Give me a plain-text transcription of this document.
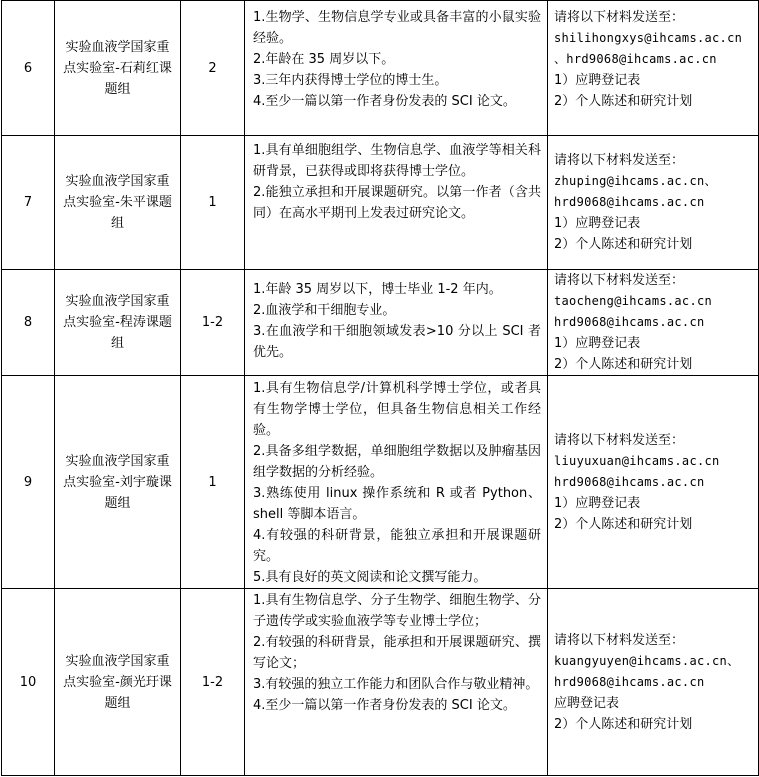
6	实验血液学国家重点实验室-石莉红课题组	2	1.生物学、生物信息学专业或具备丰富的小鼠实验经验。
2.年龄在 35 周岁以下。
3.三年内获得博士学位的博士生。
4.至少一篇以第一作者身份发表的 SCI 论文。	请将以下材料发送至：
shilihongxys@ihcams.ac.cn
、hrd9068@ihcams.ac.cn
1）应聘登记表
2）个人陈述和研究计划

7	实验血液学国家重点实验室-朱平课题组	1	1.具有单细胞组学、生物信息学、血液学等相关科研背景，已获得或即将获得博士学位。
2.能独立承担和开展课题研究。以第一作者（含共同）在高水平期刊上发表过研究论文。	请将以下材料发送至：
zhuping@ihcams.ac.cn、
hrd9068@ihcams.ac.cn
1）应聘登记表
2）个人陈述和研究计划

8	实验血液学国家重点实验室-程涛课题组	1-2	1.年龄 35 周岁以下，博士毕业 1-2 年内。
2.血液学和干细胞专业。
3.在血液学和干细胞领域发表>10 分以上 SCI 者优先。	请将以下材料发送至：
taocheng@ihcams.ac.cn
hrd9068@ihcams.ac.cn
1）应聘登记表
2）个人陈述和研究计划

9	实验血液学国家重点实验室-刘宇璇课题组	1	1.具有生物信息学/计算机科学博士学位，或者具有生物学博士学位，但具备生物信息相关工作经验。
2.具备多组学数据，单细胞组学数据以及肿瘤基因组学数据的分析经验。
3.熟练使用 linux 操作系统和 R 或者 Python、shell 等脚本语言。
4.有较强的科研背景，能独立承担和开展课题研究。
5.具有良好的英文阅读和论文撰写能力。	请将以下材料发送至：
liuyuxuan@ihcams.ac.cn
hrd9068@ihcams.ac.cn
1）应聘登记表
2）个人陈述和研究计划

10	实验血液学国家重点实验室-颜光玗课题组	1-2	1.具有生物信息学、分子生物学、细胞生物学、分子遗传学或实验血液学等专业博士学位；
2.有较强的科研背景，能承担和开展课题研究、撰写论文；
3.有较强的独立工作能力和团队合作与敬业精神。
4.至少一篇以第一作者身份发表的 SCI 论文。	请将以下材料发送至：
kuangyuyen@ihcams.ac.cn、
hrd9068@ihcams.ac.cn
应聘登记表
2）个人陈述和研究计划
